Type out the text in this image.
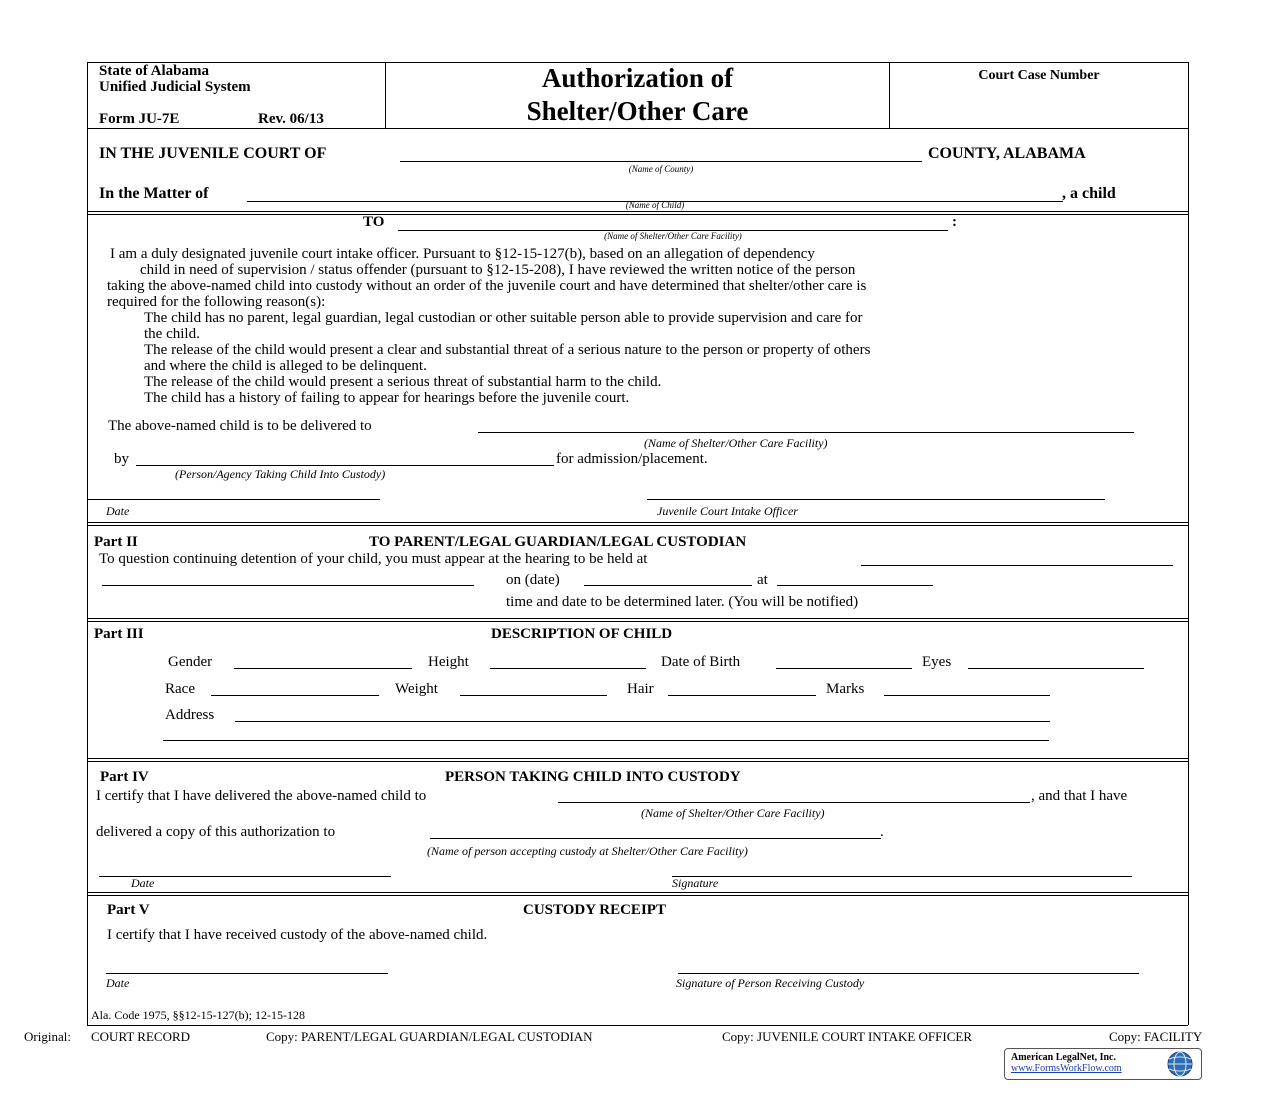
State of Alabama
Unified Judicial System
Form JU-7E	Rev. 06/13
Authorization of
Shelter/Other Care
Court Case Number
IN THE JUVENILE COURT OF	COUNTY, ALABAMA
(Name of County)
In the Matter of	, a child
(Name of Child)
TO	:
(Name of Shelter/Other Care Facility)
I am a duly designated juvenile court intake officer. Pursuant to §12-15-127(b), based on an allegation of dependency
child in need of supervision / status offender (pursuant to §12-15-208), I have reviewed the written notice of the person
taking the above-named child into custody without an order of the juvenile court and have determined that shelter/other care is
required for the following reason(s):
The child has no parent, legal guardian, legal custodian or other suitable person able to provide supervision and care for
the child.
The release of the child would present a clear and substantial threat of a serious nature to the person or property of others
and where the child is alleged to be delinquent.
The release of the child would present a serious threat of substantial harm to the child.
The child has a history of failing to appear for hearings before the juvenile court.
The above-named child is to be delivered to
(Name of Shelter/Other Care Facility)
by	for admission/placement.
(Person/Agency Taking Child Into Custody)
Date	Juvenile Court Intake Officer
Part II	TO PARENT/LEGAL GUARDIAN/LEGAL CUSTODIAN
To question continuing detention of your child, you must appear at the hearing to be held at
on (date)	at
time and date to be determined later. (You will be notified)
Part III	DESCRIPTION OF CHILD
Gender	Height	Date of Birth	Eyes
Race	Weight	Hair	Marks
Address
Part IV	PERSON TAKING CHILD INTO CUSTODY
I certify that I have delivered the above-named child to	, and that I have
(Name of Shelter/Other Care Facility)
delivered a copy of this authorization to	.
(Name of person accepting custody at Shelter/Other Care Facility)
Date	Signature
Part V	CUSTODY RECEIPT
I certify that I have received custody of the above-named child.
Date	Signature of Person Receiving Custody
Ala. Code 1975, §§12-15-127(b); 12-15-128
Original: COURT RECORD	Copy: PARENT/LEGAL GUARDIAN/LEGAL CUSTODIAN	Copy: JUVENILE COURT INTAKE OFFICER	Copy: FACILITY
American LegalNet, Inc.
www.FormsWorkFlow.com
